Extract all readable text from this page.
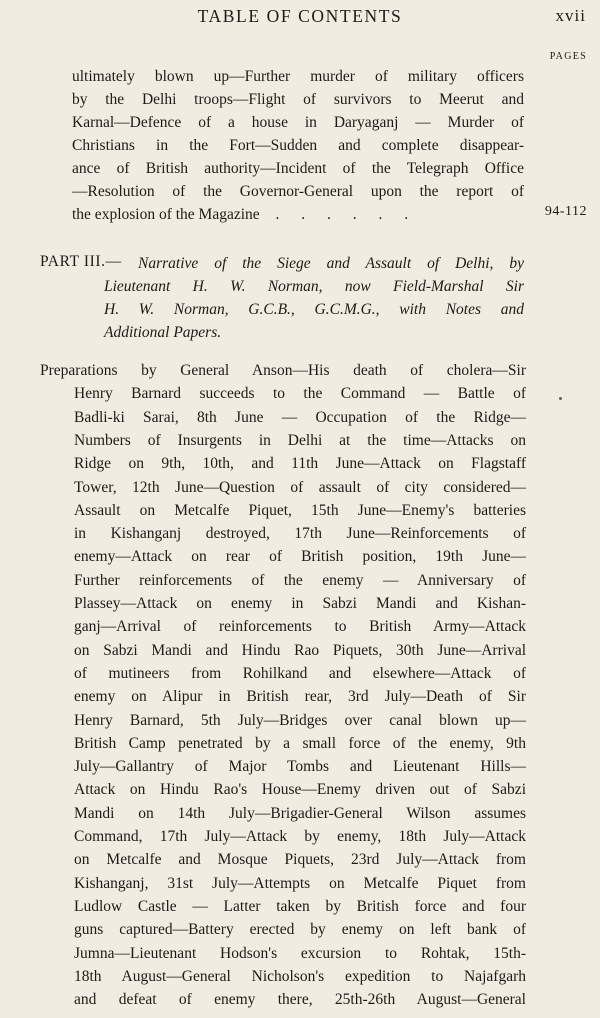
TABLE OF CONTENTS	xvii
PAGES
ultimately blown up—Further murder of military officers
by the Delhi troops—Flight of survivors to Meerut and
Karnal—Defence of a house in Daryaganj — Murder of
Christians in the Fort—Sudden and complete disappear-
ance of British authority—Incident of the Telegraph Office
—Resolution of the Governor-General upon the report of
the explosion of the Magazine . . . . . .	94-112
PART III.— Narrative of the Siege and Assault of Delhi, by
Lieutenant H. W. Norman, now Field-Marshal Sir
H. W. Norman, G.C.B., G.C.M.G., with Notes and
Additional Papers.
Preparations by General Anson—His death of cholera—Sir
Henry Barnard succeeds to the Command — Battle of
Badli-ki Sarai, 8th June — Occupation of the Ridge—
Numbers of Insurgents in Delhi at the time—Attacks on
Ridge on 9th, 10th, and 11th June—Attack on Flagstaff
Tower, 12th June—Question of assault of city considered—
Assault on Metcalfe Piquet, 15th June—Enemy's batteries
in Kishanganj destroyed, 17th June—Reinforcements of
enemy—Attack on rear of British position, 19th June—
Further reinforcements of the enemy — Anniversary of
Plassey—Attack on enemy in Sabzi Mandi and Kishan-
ganj—Arrival of reinforcements to British Army—Attack
on Sabzi Mandi and Hindu Rao Piquets, 30th June—Arrival
of mutineers from Rohilkand and elsewhere—Attack of
enemy on Alipur in British rear, 3rd July—Death of Sir
Henry Barnard, 5th July—Bridges over canal blown up—
British Camp penetrated by a small force of the enemy, 9th
July—Gallantry of Major Tombs and Lieutenant Hills—
Attack on Hindu Rao's House—Enemy driven out of Sabzi
Mandi on 14th July—Brigadier-General Wilson assumes
Command, 17th July—Attack by enemy, 18th July—Attack
on Metcalfe and Mosque Piquets, 23rd July—Attack from
Kishanganj, 31st July—Attempts on Metcalfe Piquet from
Ludlow Castle — Latter taken by British force and four
guns captured—Battery erected by enemy on left bank of
Jumna—Lieutenant Hodson's excursion to Rohtak, 15th-
18th August—General Nicholson's expedition to Najafgarh
and defeat of enemy there, 25th-26th August—General
